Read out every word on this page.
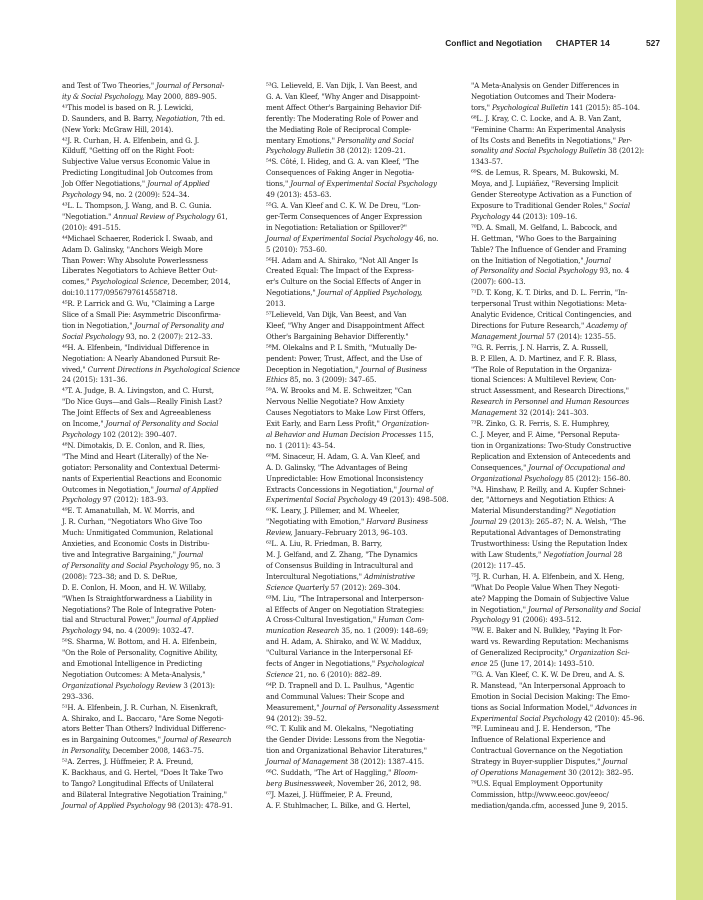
Conflict and Negotiation CHAPTER 14	527
and Test of Two Theories," Journal of Personal-
ity & Social Psychology, May 2000, 889–905.
⁴¹This model is based on R. J. Lewicki,
D. Saunders, and B. Barry, Negotiation, 7th ed.
(New York: McGraw Hill, 2014).
⁴²J. R. Curhan, H. A. Elfenbein, and G. J.
Kilduff, "Getting off on the Right Foot:
Subjective Value versus Economic Value in
Predicting Longitudinal Job Outcomes from
Job Offer Negotiations," Journal of Applied
Psychology 94, no. 2 (2009): 524–34.
⁴³L. L. Thompson, J. Wang, and B. C. Gunia.
"Negotiation." Annual Review of Psychology 61,
(2010): 491–515.
⁴⁴Michael Schaerer, Roderick I. Swaab, and
Adam D. Galinsky, "Anchors Weigh More
Than Power: Why Absolute Powerlessness
Liberates Negotiators to Achieve Better Out-
comes," Psychological Science, December, 2014,
doi:10.1177/0956797614558718.
⁴⁵R. P. Larrick and G. Wu, "Claiming a Large
Slice of a Small Pie: Asymmetric Disconfirma-
tion in Negotiation," Journal of Personality and
Social Psychology 93, no. 2 (2007): 212–33.
⁴⁶H. A. Elfenbein, "Individual Difference in
Negotiation: A Nearly Abandoned Pursuit Re-
vived," Current Directions in Psychological Science
24 (2015): 131–36.
⁴⁷T. A. Judge, B. A. Livingston, and C. Hurst,
"Do Nice Guys—and Gals—Really Finish Last?
The Joint Effects of Sex and Agreeableness
on Income," Journal of Personality and Social
Psychology 102 (2012): 390–407.
⁴⁸N. Dimotakis, D. E. Conlon, and R. Ilies,
"The Mind and Heart (Literally) of the Ne-
gotiator: Personality and Contextual Determi-
nants of Experiential Reactions and Economic
Outcomes in Negotiation," Journal of Applied
Psychology 97 (2012): 183–93.
⁴⁹E. T. Amanatullah, M. W. Morris, and
J. R. Curhan, "Negotiators Who Give Too
Much: Unmitigated Communion, Relational
Anxieties, and Economic Costs in Distribu-
tive and Integrative Bargaining," Journal
of Personality and Social Psychology 95, no. 3
(2008): 723–38; and D. S. DeRue,
D. E. Conlon, H. Moon, and H. W. Willaby,
"When Is Straightforwardness a Liability in
Negotiations? The Role of Integrative Poten-
tial and Structural Power," Journal of Applied
Psychology 94, no. 4 (2009): 1032–47.
⁵⁰S. Sharma, W. Bottom, and H. A. Elfenbein,
"On the Role of Personality, Cognitive Ability,
and Emotional Intelligence in Predicting
Negotiation Outcomes: A Meta-Analysis,"
Organizational Psychology Review 3 (2013):
293–336.
⁵¹H. A. Elfenbein, J. R. Curhan, N. Eisenkraft,
A. Shirako, and L. Baccaro, "Are Some Negoti-
ators Better Than Others? Individual Differenc-
es in Bargaining Outcomes," Journal of Research
in Personality, December 2008, 1463–75.
⁵²A. Zerres, J. Hüffmeier, P. A. Freund,
K. Backhaus, and G. Hertel, "Does It Take Two
to Tango? Longitudinal Effects of Unilateral
and Bilateral Integrative Negotiation Training,"
Journal of Applied Psychology 98 (2013): 478–91.
⁵³G. Lelieveld, E. Van Dijk, I. Van Beest, and
G. A. Van Kleef, "Why Anger and Disappoint-
ment Affect Other's Bargaining Behavior Dif-
ferently: The Moderating Role of Power and
the Mediating Role of Reciprocal Comple-
mentary Emotions," Personality and Social
Psychology Bulletin 38 (2012): 1209–21.
⁵⁴S. Côté, I. Hideg, and G. A. van Kleef, "The
Consequences of Faking Anger in Negotia-
tions," Journal of Experimental Social Psychology
49 (2013): 453–63.
⁵⁵G. A. Van Kleef and C. K. W. De Dreu, "Lon-
ger-Term Consequences of Anger Expression
in Negotiation: Retaliation or Spillover?"
Journal of Experimental Social Psychology 46, no.
5 (2010): 753–60.
⁵⁶H. Adam and A. Shirako, "Not All Anger Is
Created Equal: The Impact of the Express-
er's Culture on the Social Effects of Anger in
Negotiations," Journal of Applied Psychology,
2013.
⁵⁷Lelieveld, Van Dijk, Van Beest, and Van
Kleef, "Why Anger and Disappointment Affect
Other's Bargaining Behavior Differently."
⁵⁸M. Olekalns and P. L Smith, "Mutually De-
pendent: Power, Trust, Affect, and the Use of
Deception in Negotiation," Journal of Business
Ethics 85, no. 3 (2009): 347–65.
⁵⁹A. W. Brooks and M. E. Schweitzer, "Can
Nervous Nellie Negotiate? How Anxiety
Causes Negotiators to Make Low First Offers,
Exit Early, and Earn Less Profit," Organization-
al Behavior and Human Decision Processes 115,
no. 1 (2011): 43–54.
⁶⁰M. Sinaceur, H. Adam, G. A. Van Kleef, and
A. D. Galinsky, "The Advantages of Being
Unpredictable: How Emotional Inconsistency
Extracts Concessions in Negotiation," Journal of
Experimental Social Psychology 49 (2013): 498–508.
⁶¹K. Leary, J. Pillemer, and M. Wheeler,
"Negotiating with Emotion," Harvard Business
Review, January–February 2013, 96–103.
⁶²L. A. Liu, R. Friedman, B. Barry,
M. J. Gelfand, and Z. Zhang, "The Dynamics
of Consensus Building in Intracultural and
Intercultural Negotiations," Administrative
Science Quarterly 57 (2012): 269–304.
⁶³M. Liu, "The Intrapersonal and Interperson-
al Effects of Anger on Negotiation Strategies:
A Cross-Cultural Investigation," Human Com-
munication Research 35, no. 1 (2009): 148–69;
and H. Adam, A. Shirako, and W. W. Maddux,
"Cultural Variance in the Interpersonal Ef-
fects of Anger in Negotiations," Psychological
Science 21, no. 6 (2010): 882–89.
⁶⁴P. D. Trapnell and D. L. Paulhus, "Agentic
and Communal Values: Their Scope and
Measurement," Journal of Personality Assessment
94 (2012): 39–52.
⁶⁵C. T. Kulik and M. Olekalns, "Negotiating
the Gender Divide: Lessons from the Negotia-
tion and Organizational Behavior Literatures,"
Journal of Management 38 (2012): 1387–415.
⁶⁶C. Suddath, "The Art of Haggling," Bloom-
berg Businessweek, November 26, 2012, 98.
⁶⁷J. Mazei, J. Hüffmeier, P. A. Freund,
A. F. Stuhlmacher, L. Bilke, and G. Hertel,
"A Meta-Analysis on Gender Differences in
Negotiation Outcomes and Their Modera-
tors," Psychological Bulletin 141 (2015): 85–104.
⁶⁸L. J. Kray, C. C. Locke, and A. B. Van Zant,
"Feminine Charm: An Experimental Analysis
of Its Costs and Benefits in Negotiations," Per-
sonality and Social Psychology Bulletin 38 (2012):
1343–57.
⁶⁹S. de Lemus, R. Spears, M. Bukowski, M.
Moya, and J. Lupiáñez, "Reversing Implicit
Gender Stereotype Activation as a Function of
Exposure to Traditional Gender Roles," Social
Psychology 44 (2013): 109–16.
⁷⁰D. A. Small, M. Gelfand, L. Babcock, and
H. Gettman, "Who Goes to the Bargaining
Table? The Influence of Gender and Framing
on the Initiation of Negotiation," Journal
of Personality and Social Psychology 93, no. 4
(2007): 600–13.
⁷¹D. T. Kong, K. T. Dirks, and D. L. Ferrin, "In-
terpersonal Trust within Negotiations: Meta-
Analytic Evidence, Critical Contingencies, and
Directions for Future Research," Academy of
Management Journal 57 (2014): 1235–55.
⁷²G. R. Ferris, J. N. Harris, Z. A. Russell,
B. P. Ellen, A. D. Martinez, and F. R. Blass,
"The Role of Reputation in the Organiza-
tional Sciences: A Multilevel Review, Con-
struct Assessment, and Research Directions,"
Research in Personnel and Human Resources
Management 32 (2014): 241–303.
⁷³R. Zinko, G. R. Ferris, S. E. Humphrey,
C. J. Meyer, and F. Aime, "Personal Reputa-
tion in Organizations: Two-Study Constructive
Replication and Extension of Antecedents and
Consequences," Journal of Occupational and
Organizational Psychology 85 (2012): 156–80.
⁷⁴A. Hinshaw, P. Reilly, and A. Kupfer Schnei-
der, "Attorneys and Negotiation Ethics: A
Material Misunderstanding?" Negotiation
Journal 29 (2013): 265–87; N. A. Welsh, "The
Reputational Advantages of Demonstrating
Trustworthiness: Using the Reputation Index
with Law Students," Negotiation Journal 28
(2012): 117–45.
⁷⁵J. R. Curhan, H. A. Elfenbein, and X. Heng,
"What Do People Value When They Negoti-
ate? Mapping the Domain of Subjective Value
in Negotiation," Journal of Personality and Social
Psychology 91 (2006): 493–512.
⁷⁶W. E. Baker and N. Bulkley, "Paying It For-
ward vs. Rewarding Reputation: Mechanisms
of Generalized Reciprocity," Organization Sci-
ence 25 (June 17, 2014): 1493–510.
⁷⁷G. A. Van Kleef, C. K. W. De Dreu, and A. S.
R. Manstead, "An Interpersonal Approach to
Emotion in Social Decision Making: The Emo-
tions as Social Information Model," Advances in
Experimental Social Psychology 42 (2010): 45–96.
⁷⁸F. Lumineau and J. E. Henderson, "The
Influence of Relational Experience and
Contractual Governance on the Negotiation
Strategy in Buyer-supplier Disputes," Journal
of Operations Management 30 (2012): 382–95.
⁷⁹U.S. Equal Employment Opportunity
Commission, http://www.eeoc.gov/eeoc/
mediation/qanda.cfm, accessed June 9, 2015.
